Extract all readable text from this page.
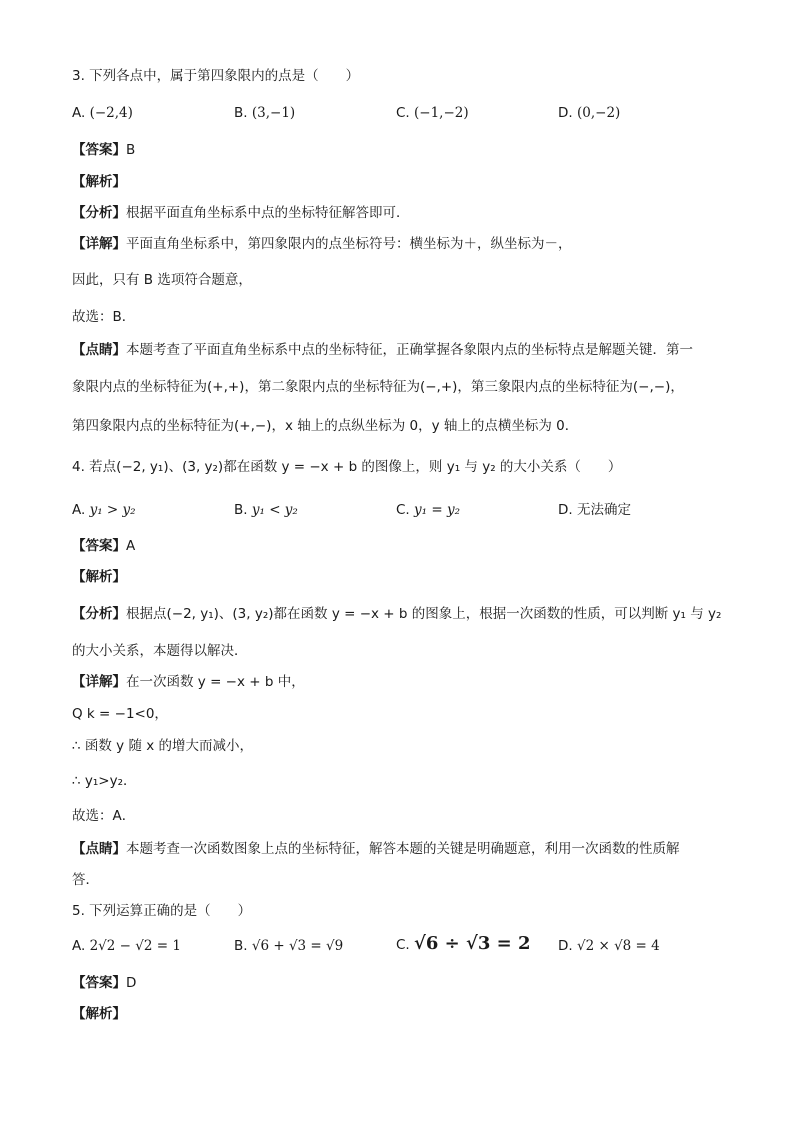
3. 下列各点中，属于第四象限内的点是（　　）
A. (−2,4)	B. (3,−1)	C. (−1,−2)	D. (0,−2)
【答案】B
【解析】
【分析】根据平面直角坐标系中点的坐标特征解答即可．
【详解】平面直角坐标系中，第四象限内的点坐标符号：横坐标为＋，纵坐标为－，
因此，只有 B 选项符合题意，
故选：B．
【点睛】本题考查了平面直角坐标系中点的坐标特征，正确掌握各象限内点的坐标特点是解题关键．第一
象限内点的坐标特征为(+,+)，第二象限内点的坐标特征为(−,+)，第三象限内点的坐标特征为(−,−)，
第四象限内点的坐标特征为(+,−)，x 轴上的点纵坐标为 0，y 轴上的点横坐标为 0．
4. 若点(−2, y₁)、(3, y₂)都在函数 y = −x + b 的图像上，则 y₁ 与 y₂ 的大小关系（　　）
A. y₁ > y₂	B. y₁ < y₂	C. y₁ = y₂	D. 无法确定
【答案】A
【解析】
【分析】根据点(−2, y₁)、(3, y₂)都在函数 y = −x + b 的图象上，根据一次函数的性质，可以判断 y₁ 与 y₂
的大小关系，本题得以解决．
【详解】在一次函数 y = −x + b 中，
Q k = −1<0，
∴ 函数 y 随 x 的增大而减小，
∴ y₁>y₂．
故选：A．
【点睛】本题考查一次函数图象上点的坐标特征，解答本题的关键是明确题意，利用一次函数的性质解
答．
5. 下列运算正确的是（　　）
A. 2√2 − √2 = 1	B. √6 + √3 = √9	C. √6 ÷ √3 = 2 D. √2 × √8 = 4
【答案】D
【解析】
